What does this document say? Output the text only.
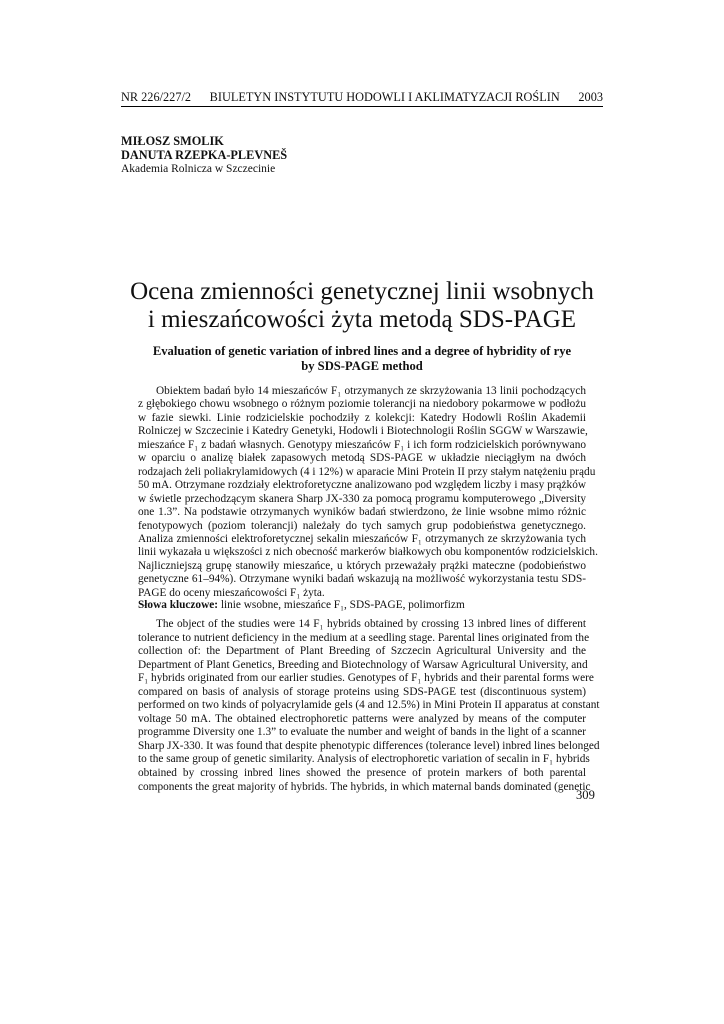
NR 226/227/2 BIULETYN INSTYTUTU HODOWLI I AKLIMATYZACJI ROŚLIN 2003
MIŁOSZ SMOLIK
DANUTA RZEPKA-PLEVNEŠ
Akademia Rolnicza w Szczecinie
Ocena zmienności genetycznej linii wsobnych
i mieszańcowości żyta metodą SDS-PAGE
Evaluation of genetic variation of inbred lines and a degree of hybridity of rye
by SDS-PAGE method
Obiektem badań było 14 mieszańców F₁ otrzymanych ze skrzyżowania 13 linii pochodzących
z głębokiego chowu wsobnego o różnym poziomie tolerancji na niedobory pokarmowe w podłożu
w fazie siewki. Linie rodzicielskie pochodziły z kolekcji: Katedry Hodowli Roślin Akademii
Rolniczej w Szczecinie i Katedry Genetyki, Hodowli i Biotechnologii Roślin SGGW w Warszawie,
mieszańce F₁ z badań własnych. Genotypy mieszańców F₁ i ich form rodzicielskich porównywano
w oparciu o analizę białek zapasowych metodą SDS-PAGE w układzie nieciągłym na dwóch
rodzajach żeli poliakrylamidowych (4 i 12%) w aparacie Mini Protein II przy stałym natężeniu prądu
50 mA. Otrzymane rozdziały elektroforetyczne analizowano pod względem liczby i masy prążków
w świetle przechodzącym skanera Sharp JX-330 za pomocą programu komputerowego „Diversity
one 1.3”. Na podstawie otrzymanych wyników badań stwierdzono, że linie wsobne mimo różnic
fenotypowych (poziom tolerancji) należały do tych samych grup podobieństwa genetycznego.
Analiza zmienności elektroforetycznej sekalin mieszańców F₁ otrzymanych ze skrzyżowania tych
linii wykazała u większości z nich obecność markerów białkowych obu komponentów rodzicielskich.
Najliczniejszą grupę stanowiły mieszańce, u których przeważały prążki mateczne (podobieństwo
genetyczne 61–94%). Otrzymane wyniki badań wskazują na możliwość wykorzystania testu SDS-
PAGE do oceny mieszańcowości F₁ żyta.
Słowa kluczowe: linie wsobne, mieszańce F₁, SDS-PAGE, polimorfizm
The object of the studies were 14 F₁ hybrids obtained by crossing 13 inbred lines of different
tolerance to nutrient deficiency in the medium at a seedling stage. Parental lines originated from the
collection of: the Department of Plant Breeding of Szczecin Agricultural University and the
Department of Plant Genetics, Breeding and Biotechnology of Warsaw Agricultural University, and
F₁ hybrids originated from our earlier studies. Genotypes of F₁ hybrids and their parental forms were
compared on basis of analysis of storage proteins using SDS-PAGE test (discontinuous system)
performed on two kinds of polyacrylamide gels (4 and 12.5%) in Mini Protein II apparatus at constant
voltage 50 mA. The obtained electrophoretic patterns were analyzed by means of the computer
programme Diversity one 1.3” to evaluate the number and weight of bands in the light of a scanner
Sharp JX-330. It was found that despite phenotypic differences (tolerance level) inbred lines belonged
to the same group of genetic similarity. Analysis of electrophoretic variation of secalin in F₁ hybrids
obtained by crossing inbred lines showed the presence of protein markers of both parental
components the great majority of hybrids. The hybrids, in which maternal bands dominated (genetic
309
